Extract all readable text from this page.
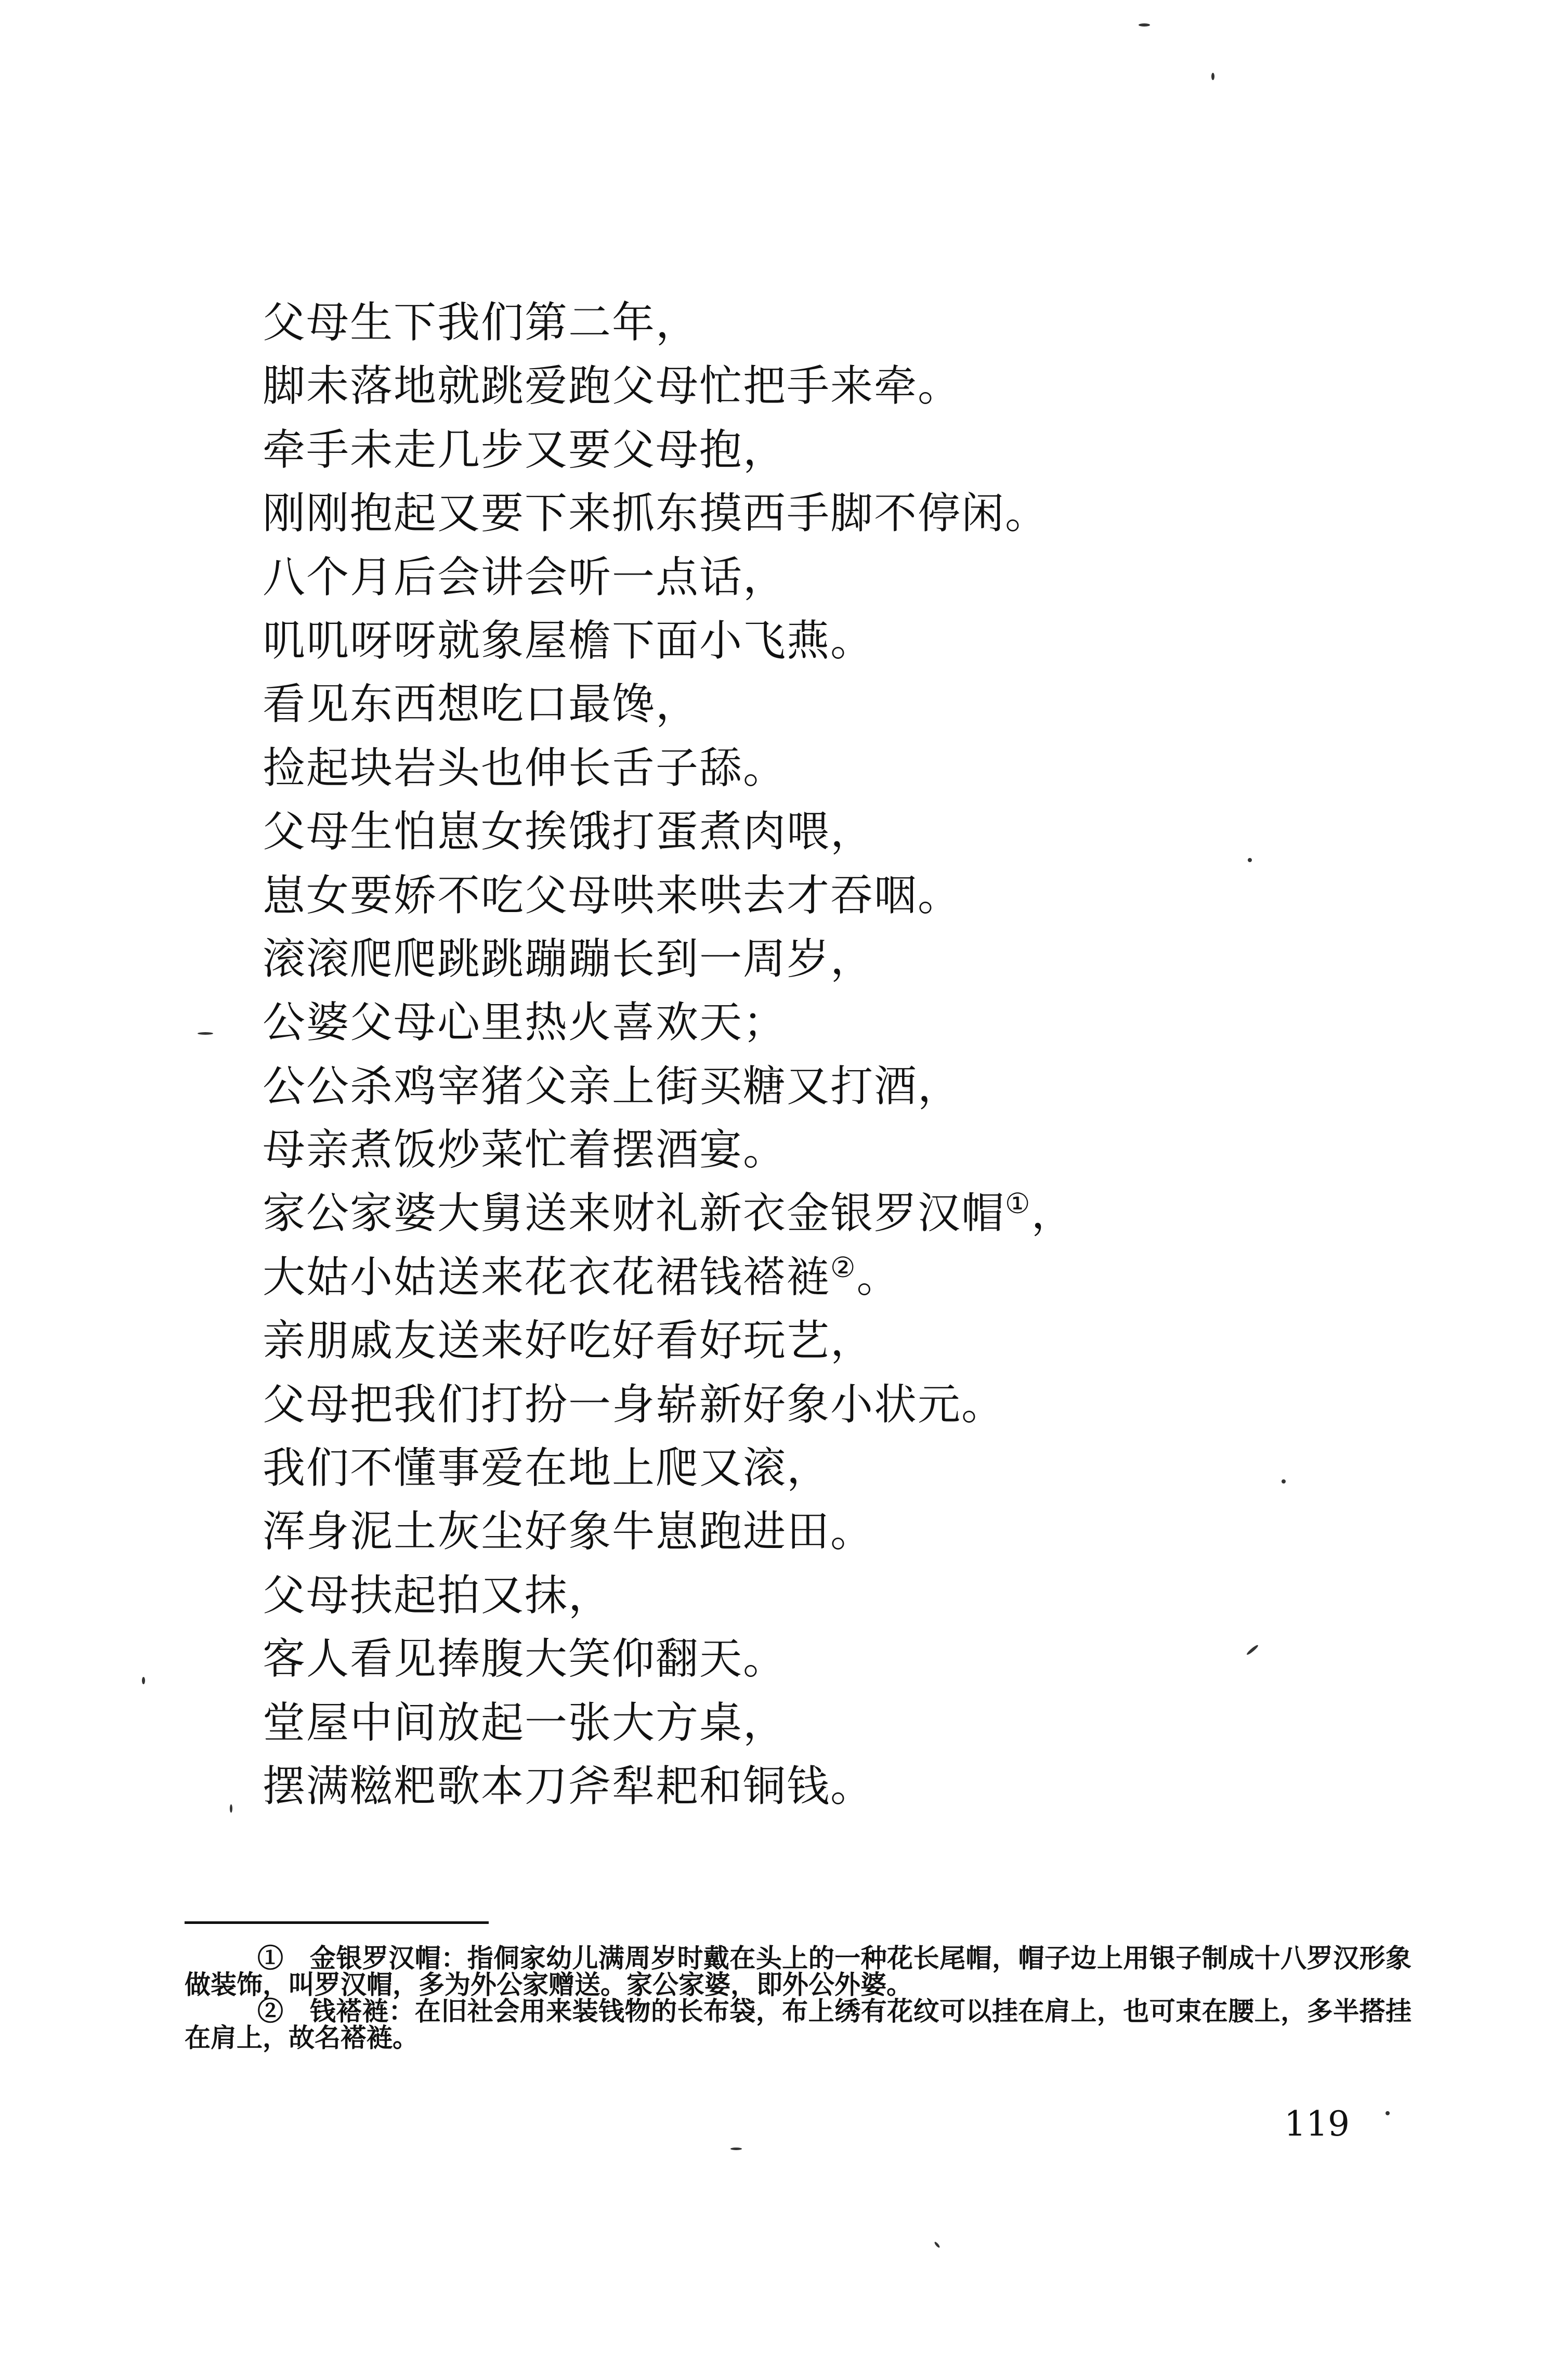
父母生下我们第二年，
脚未落地就跳爱跑父母忙把手来牵。
牵手未走几步又要父母抱，
刚刚抱起又要下来抓东摸西手脚不停闲。
八个月后会讲会听一点话，
叽叽呀呀就象屋檐下面小飞燕。
看见东西想吃口最馋，
捡起块岩头也伸长舌子舔。
父母生怕崽女挨饿打蛋煮肉喂，
崽女要娇不吃父母哄来哄去才吞咽。
滚滚爬爬跳跳蹦蹦长到一周岁，
公婆父母心里热火喜欢天；
公公杀鸡宰猪父亲上街买糖又打酒，
母亲煮饭炒菜忙着摆酒宴。
家公家婆大舅送来财礼新衣金银罗汉帽①，
大姑小姑送来花衣花裙钱褡裢②。
亲朋戚友送来好吃好看好玩艺，
父母把我们打扮一身崭新好象小状元。
我们不懂事爱在地上爬又滚，
浑身泥土灰尘好象牛崽跑进田。
父母扶起拍又抹，
客人看见捧腹大笑仰翻天。
堂屋中间放起一张大方桌，
摆满糍粑歌本刀斧犁耙和铜钱。

①　金银罗汉帽：指侗家幼儿满周岁时戴在头上的一种花长尾帽，帽子边上用银子制成十八罗汉形象做装饰，叫罗汉帽，多为外公家赠送。家公家婆，即外公外婆。

②　钱褡裢：在旧社会用来装钱物的长布袋，布上绣有花纹可以挂在肩上，也可束在腰上，多半搭挂在肩上，故名褡裢。

119
